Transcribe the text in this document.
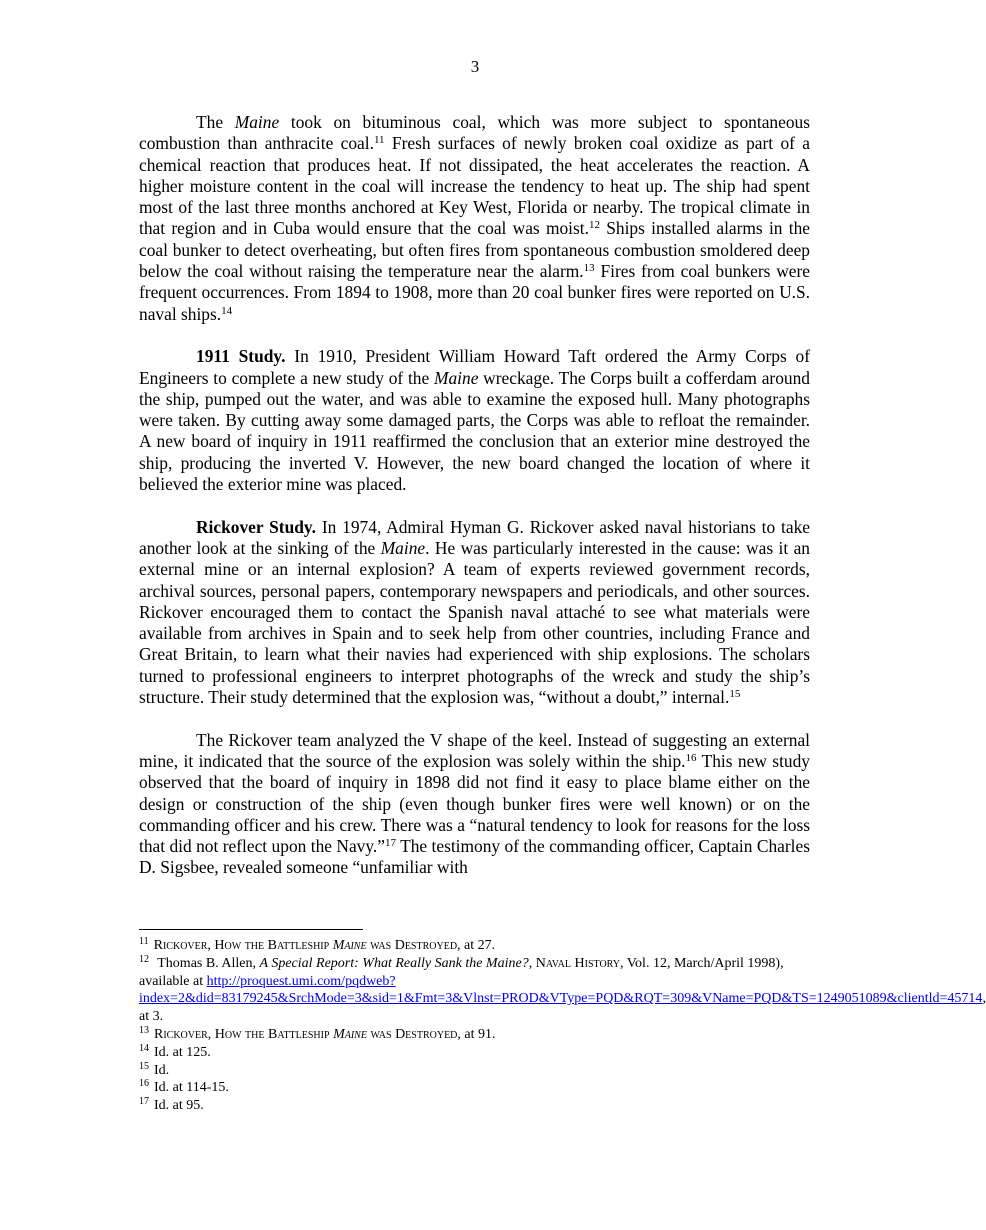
3

The Maine took on bituminous coal, which was more subject to spontaneous combustion than anthracite coal.$^{11}$ Fresh surfaces of newly broken coal oxidize as part of a chemical reaction that produces heat. If not dissipated, the heat accelerates the reaction. A higher moisture content in the coal will increase the tendency to heat up. The ship had spent most of the last three months anchored at Key West, Florida or nearby. The tropical climate in that region and in Cuba would ensure that the coal was moist.$^{12}$ Ships installed alarms in the coal bunker to detect overheating, but often fires from spontaneous combustion smoldered deep below the coal without raising the temperature near the alarm.$^{13}$ Fires from coal bunkers were frequent occurrences. From 1894 to 1908, more than 20 coal bunker fires were reported on U.S. naval ships.$^{14}$

1911 Study. In 1910, President William Howard Taft ordered the Army Corps of Engineers to complete a new study of the Maine wreckage. The Corps built a cofferdam around the ship, pumped out the water, and was able to examine the exposed hull. Many photographs were taken. By cutting away some damaged parts, the Corps was able to refloat the remainder. A new board of inquiry in 1911 reaffirmed the conclusion that an exterior mine destroyed the ship, producing the inverted V. However, the new board changed the location of where it believed the exterior mine was placed.

Rickover Study. In 1974, Admiral Hyman G. Rickover asked naval historians to take another look at the sinking of the Maine. He was particularly interested in the cause: was it an external mine or an internal explosion? A team of experts reviewed government records, archival sources, personal papers, contemporary newspapers and periodicals, and other sources. Rickover encouraged them to contact the Spanish naval attaché to see what materials were available from archives in Spain and to seek help from other countries, including France and Great Britain, to learn what their navies had experienced with ship explosions. The scholars turned to professional engineers to interpret photographs of the wreck and study the ship’s structure. Their study determined that the explosion was, “without a doubt,” internal.$^{15}$

The Rickover team analyzed the V shape of the keel. Instead of suggesting an external mine, it indicated that the source of the explosion was solely within the ship.$^{16}$ This new study observed that the board of inquiry in 1898 did not find it easy to place blame either on the design or construction of the ship (even though bunker fires were well known) or on the commanding officer and his crew. There was a “natural tendency to look for reasons for the loss that did not reflect upon the Navy.”$^{17}$ The testimony of the commanding officer, Captain Charles D. Sigsbee, revealed someone “unfamiliar with

$^{11}$ Rickover, How the Battleship Maine was Destroyed, at 27.

$^{12}$ Thomas B. Allen, A Special Report: What Really Sank the Maine?, Naval History, Vol. 12, March/April 1998), available at http://proquest.umi.com/pqdweb?index=2&did=83179245&SrchMode=3&sid=1&Fmt=3&Vlnst=PROD&VType=PQD&RQT=309&VName=PQD&TS=1249051089&clientld=45714, at 3.

$^{13}$ Rickover, How the Battleship Maine was Destroyed, at 91.

$^{14}$ Id. at 125.

$^{15}$ Id.

$^{16}$ Id. at 114-15.

$^{17}$ Id. at 95.
